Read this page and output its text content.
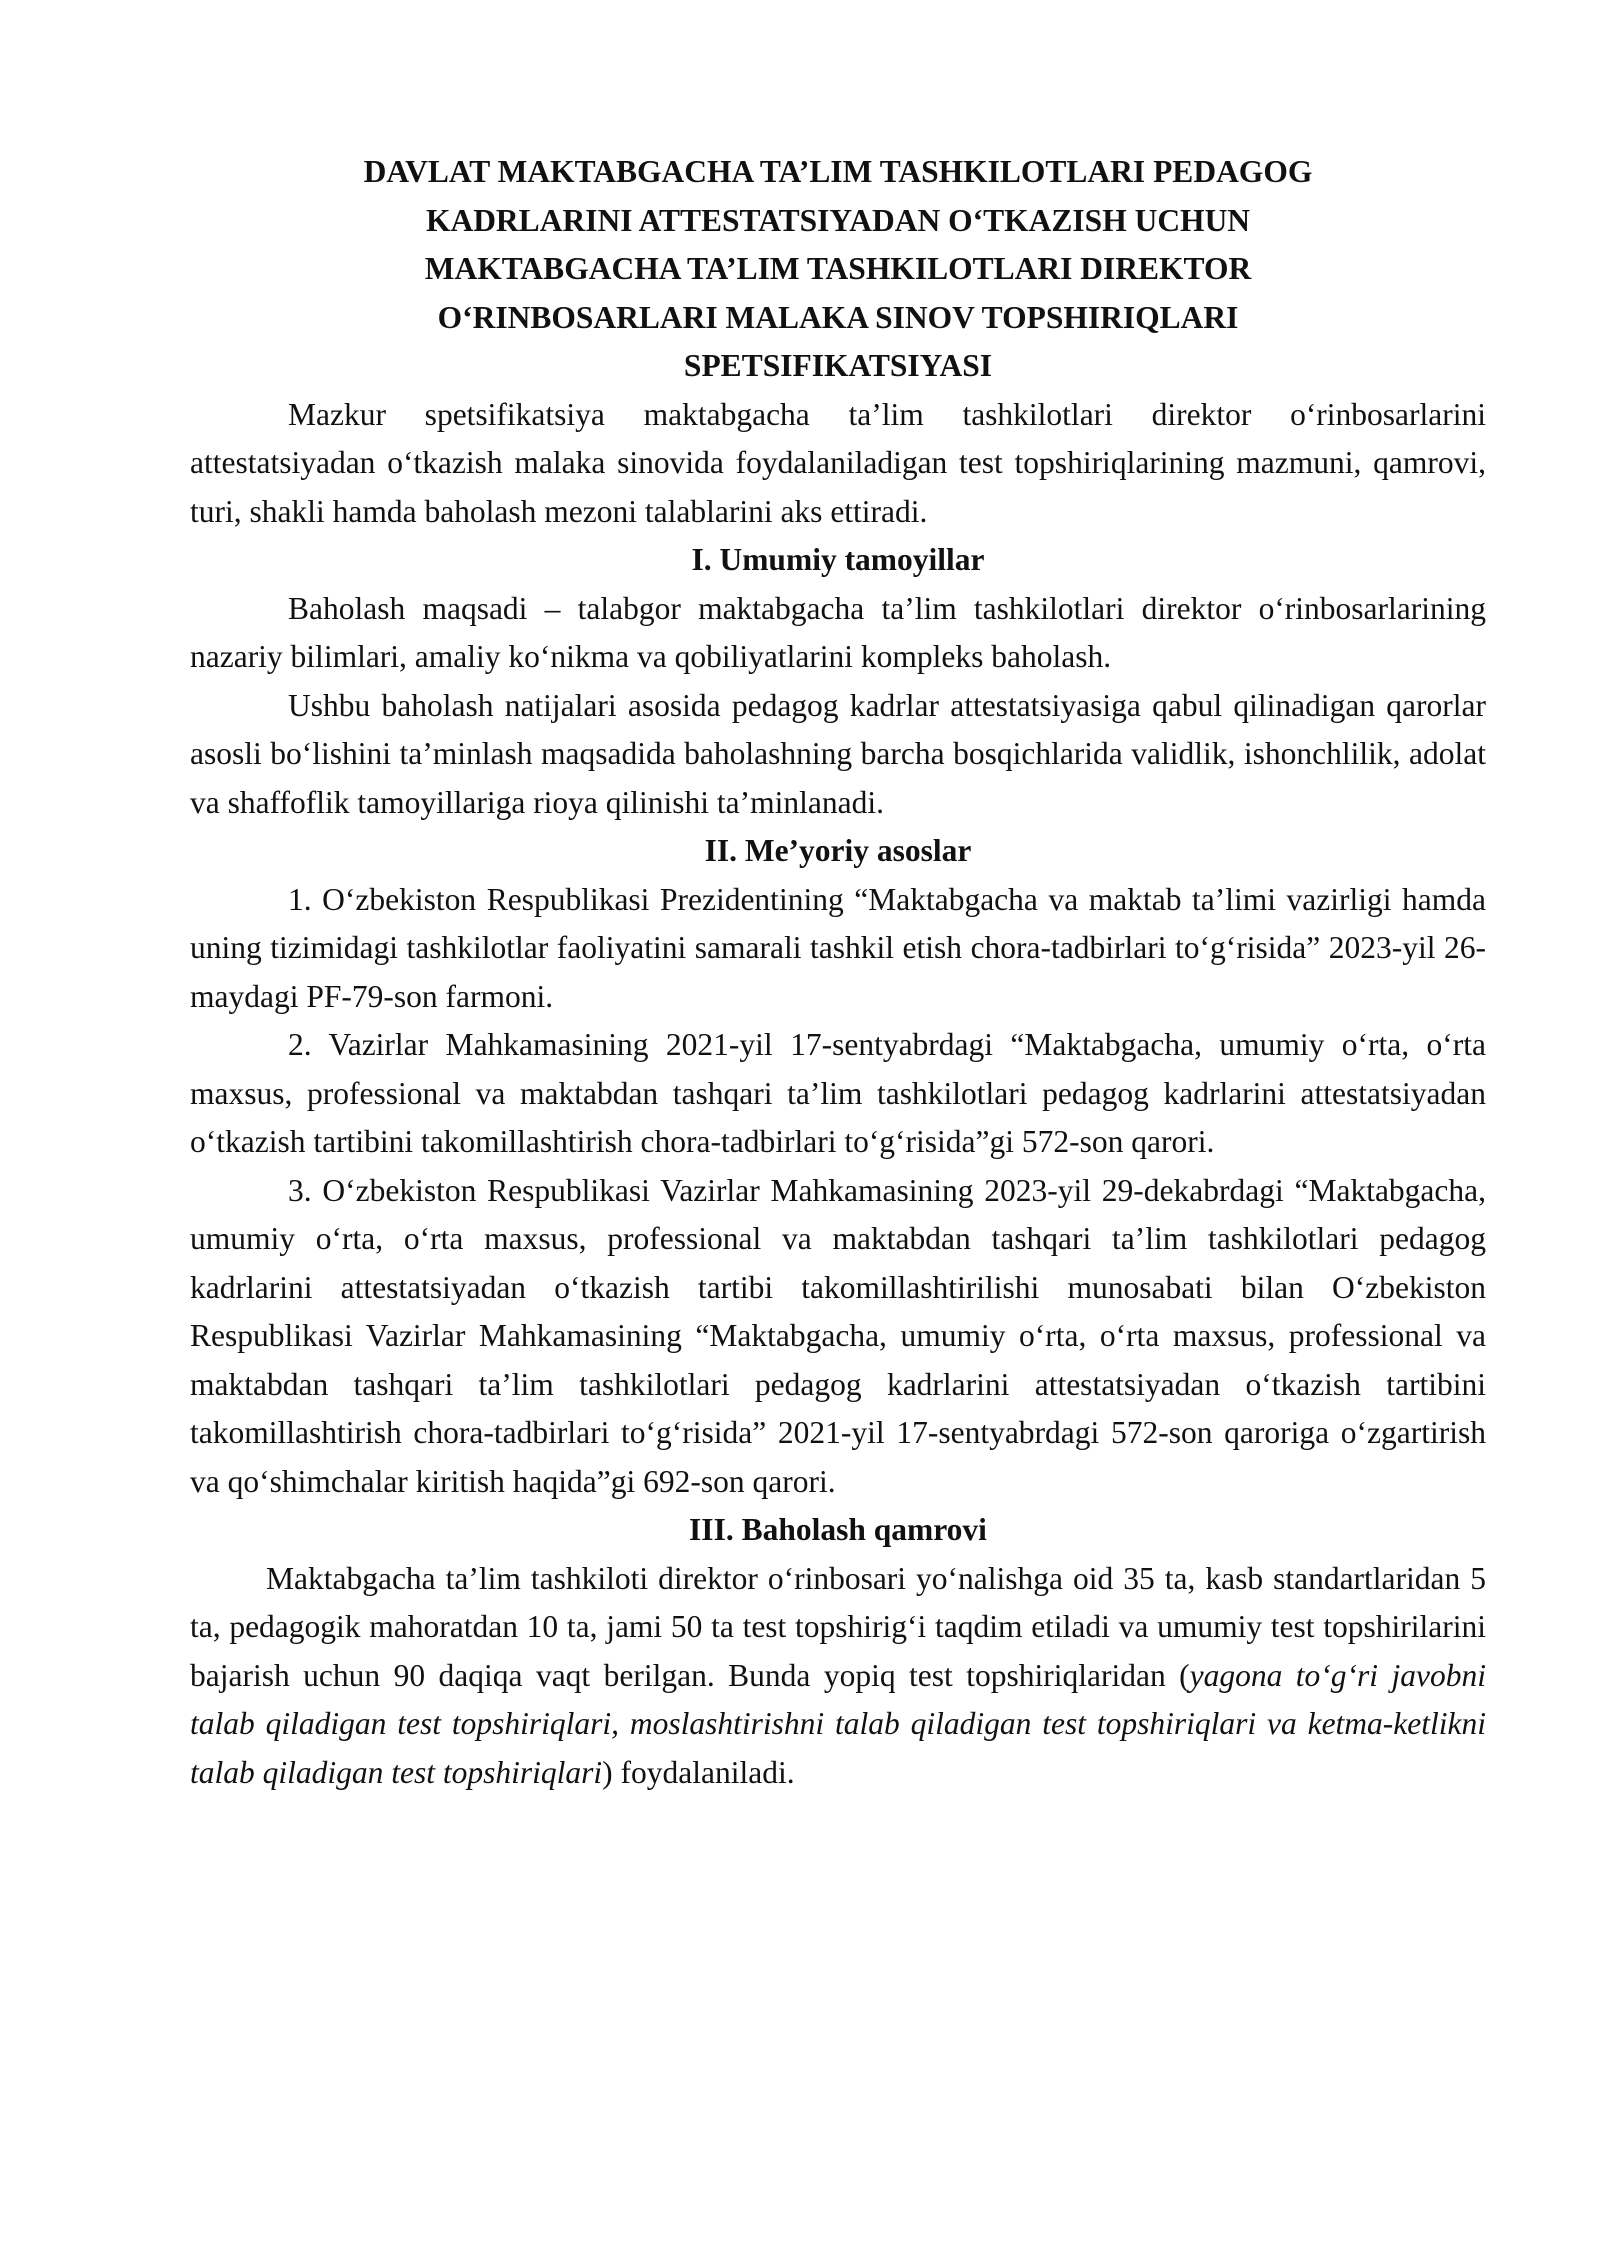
DAVLAT MAKTABGACHA TA’LIM TASHKILOTLARI PEDAGOG
KADRLARINI ATTESTATSIYADAN O‘TKAZISH UCHUN
MAKTABGACHA TA’LIM TASHKILOTLARI DIREKTOR
O‘RINBOSARLARI MALAKA SINOV TOPSHIRIQLARI
SPETSIFIKATSIYASI

Mazkur spetsifikatsiya maktabgacha ta’lim tashkilotlari direktor o‘rinbosarlarini attestatsiyadan o‘tkazish malaka sinovida foydalaniladigan test topshiriqlarining mazmuni, qamrovi, turi, shakli hamda baholash mezoni talablarini aks ettiradi.

I. Umumiy tamoyillar

Baholash maqsadi – talabgor maktabgacha ta’lim tashkilotlari direktor o‘rinbosarlarining nazariy bilimlari, amaliy ko‘nikma va qobiliyatlarini kompleks baholash.

Ushbu baholash natijalari asosida pedagog kadrlar attestatsiyasiga qabul qilinadigan qarorlar asosli bo‘lishini ta’minlash maqsadida baholashning barcha bosqichlarida validlik, ishonchlilik, adolat va shaffoflik tamoyillariga rioya qilinishi ta’minlanadi.

II. Me’yoriy asoslar

1. O‘zbekiston Respublikasi Prezidentining “Maktabgacha va maktab ta’limi vazirligi hamda uning tizimidagi tashkilotlar faoliyatini samarali tashkil etish chora-tadbirlari to‘g‘risida” 2023-yil 26-maydagi PF-79-son farmoni.

2. Vazirlar Mahkamasining 2021-yil 17-sentyabrdagi “Maktabgacha, umumiy o‘rta, o‘rta maxsus, professional va maktabdan tashqari ta’lim tashkilotlari pedagog kadrlarini attestatsiyadan o‘tkazish tartibini takomillashtirish chora-tadbirlari to‘g‘risida”gi 572-son qarori.

3. O‘zbekiston Respublikasi Vazirlar Mahkamasining 2023-yil 29-dekabrdagi “Maktabgacha, umumiy o‘rta, o‘rta maxsus, professional va maktabdan tashqari ta’lim tashkilotlari pedagog kadrlarini attestatsiyadan o‘tkazish tartibi takomillashtirilishi munosabati bilan O‘zbekiston Respublikasi Vazirlar Mahkamasining “Maktabgacha, umumiy o‘rta, o‘rta maxsus, professional va maktabdan tashqari ta’lim tashkilotlari pedagog kadrlarini attestatsiyadan o‘tkazish tartibini takomillashtirish chora-tadbirlari to‘g‘risida” 2021-yil 17-sentyabrdagi 572-son qaroriga o‘zgartirish va qo‘shimchalar kiritish haqida”gi 692-son qarori.

III. Baholash qamrovi

Maktabgacha ta’lim tashkiloti direktor o‘rinbosari yo‘nalishga oid 35 ta, kasb standartlaridan 5 ta, pedagogik mahoratdan 10 ta, jami 50 ta test topshirig‘i taqdim etiladi va umumiy test topshirilarini bajarish uchun 90 daqiqa vaqt berilgan. Bunda yopiq test topshiriqlaridan (yagona to‘g‘ri javobni talab qiladigan test topshiriqlari, moslashtirishni talab qiladigan test topshiriqlari va ketma-ketlikni talab qiladigan test topshiriqlari) foydalaniladi.
